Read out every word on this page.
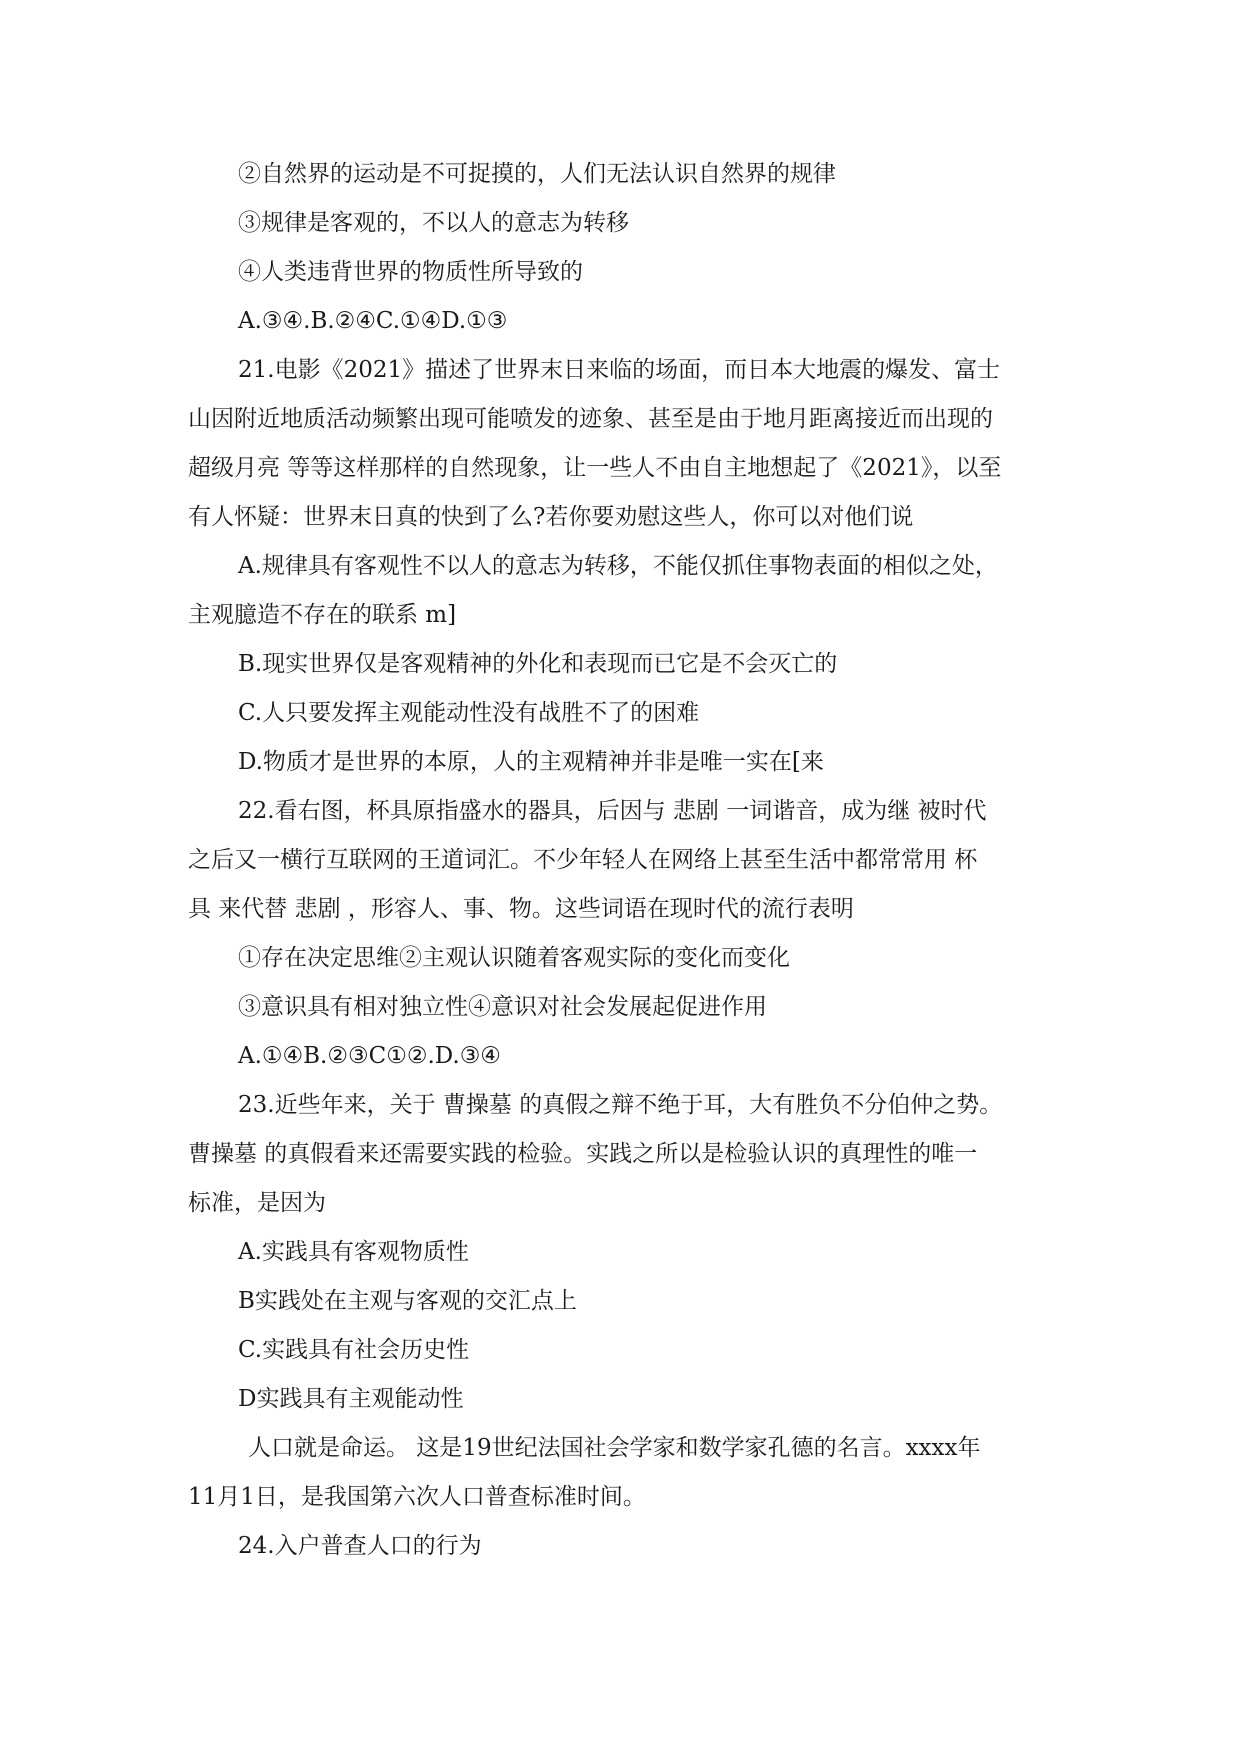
②自然界的运动是不可捉摸的，人们无法认识自然界的规律
③规律是客观的，不以人的意志为转移
④人类违背世界的物质性所导致的
A.③④.B.②④C.①④D.①③
21.电影《2021》描述了世界末日来临的场面，而日本大地震的爆发、富士
山因附近地质活动频繁出现可能喷发的迹象、甚至是由于地月距离接近而出现的
超级月亮 等等这样那样的自然现象，让一些人不由自主地想起了《2021》，以至
有人怀疑：世界末日真的快到了么?若你要劝慰这些人，你可以对他们说
A.规律具有客观性不以人的意志为转移，不能仅抓住事物表面的相似之处，
主观臆造不存在的联系 m]
B.现实世界仅是客观精神的外化和表现而已它是不会灭亡的
C.人只要发挥主观能动性没有战胜不了的困难
D.物质才是世界的本原，人的主观精神并非是唯一实在[来
22.看右图，杯具原指盛水的器具，后因与 悲剧 一词谐音，成为继 被时代
之后又一横行互联网的王道词汇。不少年轻人在网络上甚至生活中都常常用 杯
具 来代替 悲剧 ，形容人、事、物。这些词语在现时代的流行表明
①存在决定思维②主观认识随着客观实际的变化而变化
③意识具有相对独立性④意识对社会发展起促进作用
A.①④B.②③C①②.D.③④
23.近些年来，关于 曹操墓 的真假之辩不绝于耳，大有胜负不分伯仲之势。
曹操墓 的真假看来还需要实践的检验。实践之所以是检验认识的真理性的唯一
标准，是因为
A.实践具有客观物质性
B实践处在主观与客观的交汇点上
C.实践具有社会历史性
D实践具有主观能动性
人口就是命运。 这是19世纪法国社会学家和数学家孔德的名言。xxxx年
11月1日，是我国第六次人口普查标准时间。
24.入户普查人口的行为
